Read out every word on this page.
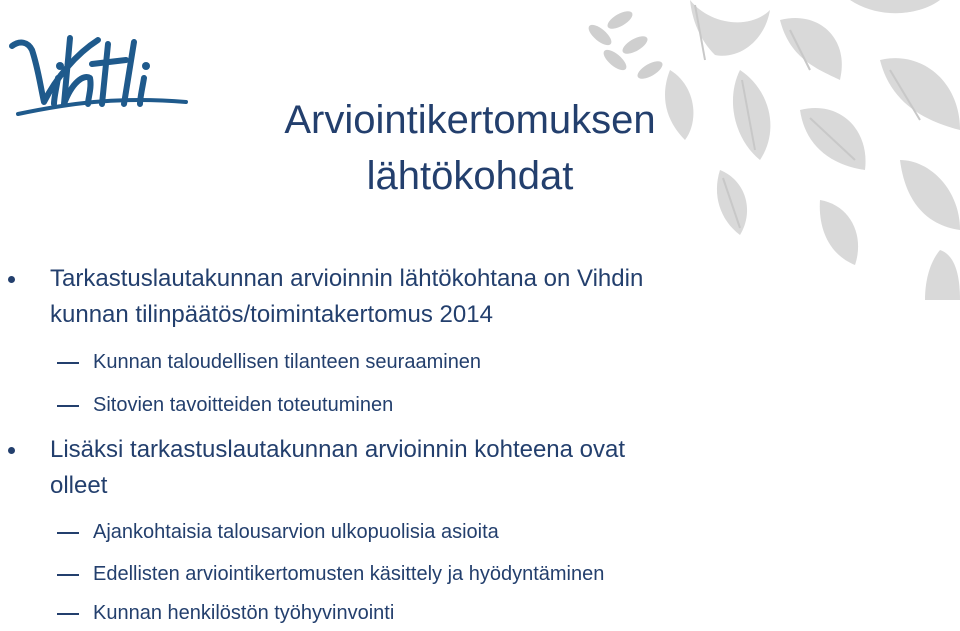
Arviointikertomuksen
lähtökohdat
Tarkastuslautakunnan arvioinnin lähtökohtana on Vihdin
kunnan tilinpäätös/toimintakertomus 2014
Kunnan taloudellisen tilanteen seuraaminen
Sitovien tavoitteiden toteutuminen
Lisäksi tarkastuslautakunnan arvioinnin kohteena ovat
olleet
Ajankohtaisia talousarvion ulkopuolisia asioita
Edellisten arviointikertomusten käsittely ja hyödyntäminen
Kunnan henkilöstön työhyvinvointi
